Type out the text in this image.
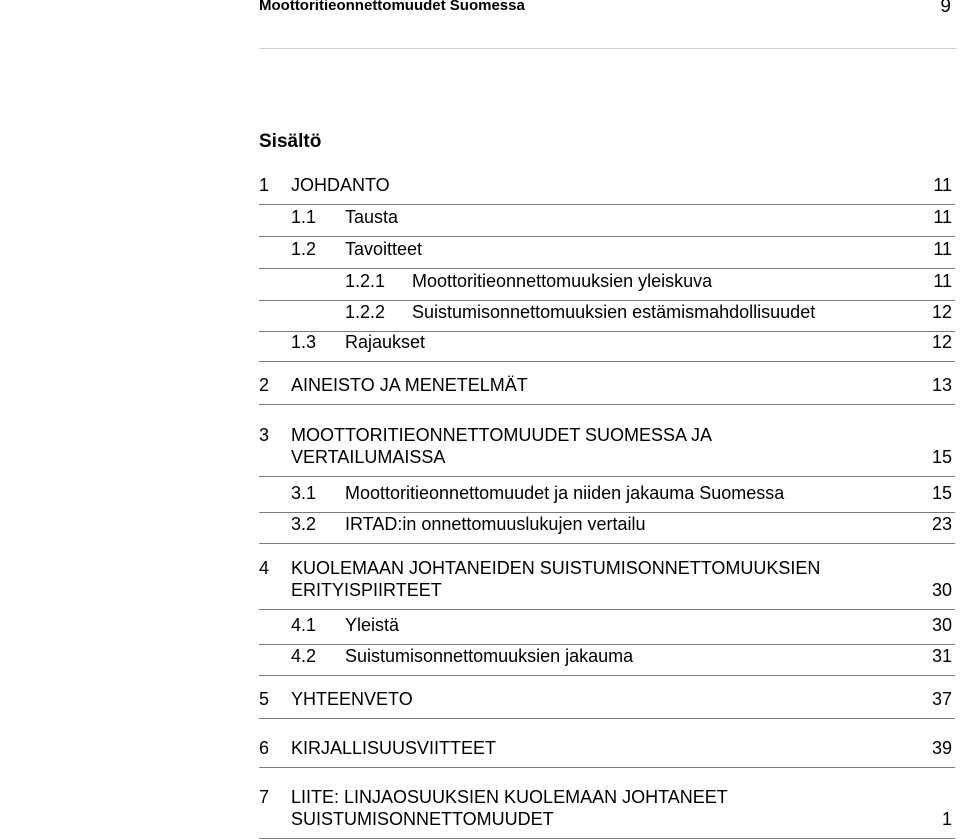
Moottoritieonnettomuudet Suomessa	9
Sisältö
1 JOHDANTO	11
1.1 Tausta	11
1.2 Tavoitteet	11
1.2.1 Moottoritieonnettomuuksien yleiskuva	11
1.2.2 Suistumisonnettomuuksien estämismahdollisuudet	12
1.3 Rajaukset	12
2 AINEISTO JA MENETELMÄT	13
3 MOOTTORITIEONNETTOMUUDET SUOMESSA JA
VERTAILUMAISSA	15
3.1 Moottoritieonnettomuudet ja niiden jakauma Suomessa	15
3.2 IRTAD:in onnettomuuslukujen vertailu	23
4 KUOLEMAAN JOHTANEIDEN SUISTUMISONNETTOMUUKSIEN
ERITYISPIIRTEET	30
4.1 Yleistä	30
4.2 Suistumisonnettomuuksien jakauma	31
5 YHTEENVETO	37
6 KIRJALLISUUSVIITTEET	39
7 LIITE: LINJAOSUUKSIEN KUOLEMAAN JOHTANEET
SUISTUMISONNETTOMUUDET	1
